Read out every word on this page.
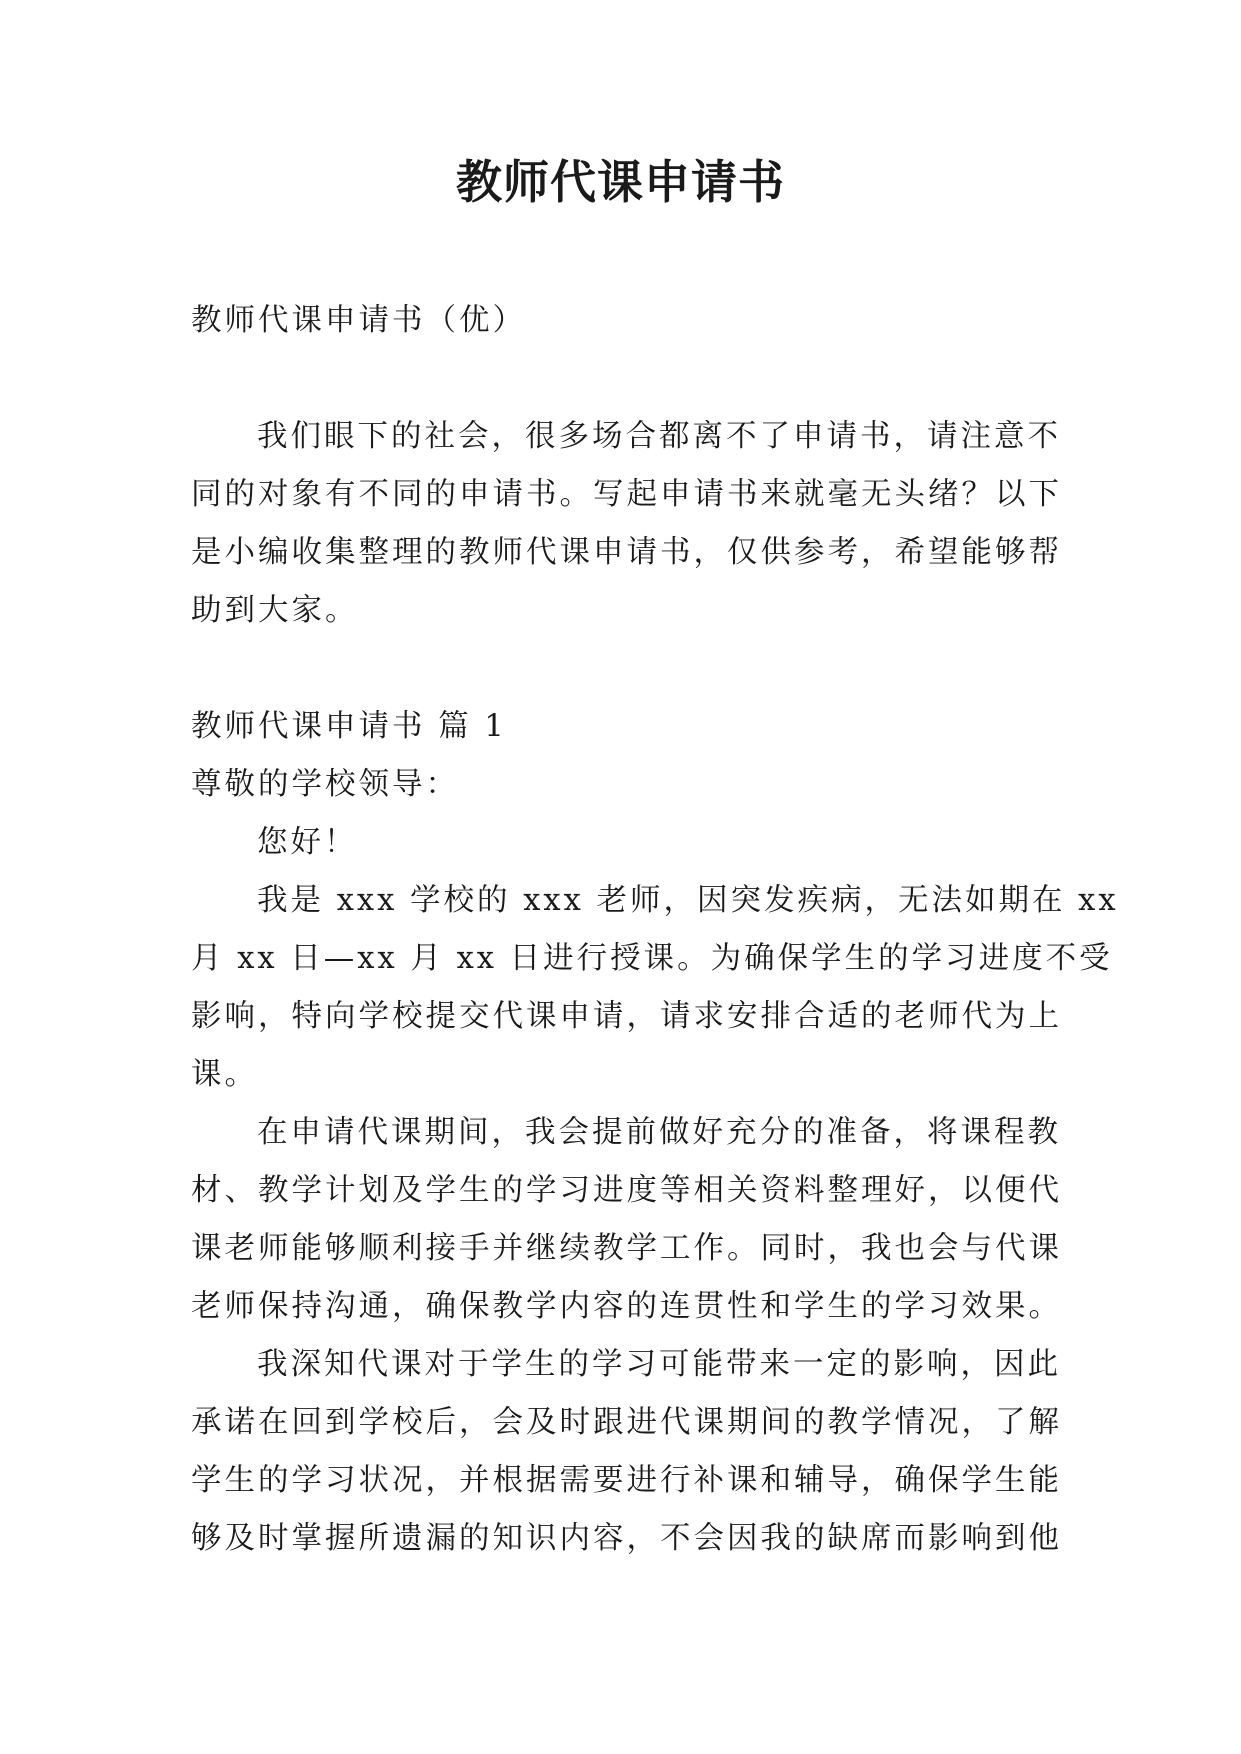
教师代课申请书
教师代课申请书（优）
我们眼下的社会，很多场合都离不了申请书，请注意不
同的对象有不同的申请书。写起申请书来就毫无头绪？以下
是小编收集整理的教师代课申请书，仅供参考，希望能够帮
助到大家。
教师代课申请书 篇 1
尊敬的学校领导：
您好！
我是 xxx 学校的 xxx 老师，因突发疾病，无法如期在 xx
月 xx 日—xx 月 xx 日进行授课。为确保学生的学习进度不受
影响，特向学校提交代课申请，请求安排合适的老师代为上
课。
在申请代课期间，我会提前做好充分的准备，将课程教
材、教学计划及学生的学习进度等相关资料整理好，以便代
课老师能够顺利接手并继续教学工作。同时，我也会与代课
老师保持沟通，确保教学内容的连贯性和学生的学习效果。
我深知代课对于学生的学习可能带来一定的影响，因此
承诺在回到学校后，会及时跟进代课期间的教学情况，了解
学生的学习状况，并根据需要进行补课和辅导，确保学生能
够及时掌握所遗漏的知识内容，不会因我的缺席而影响到他
